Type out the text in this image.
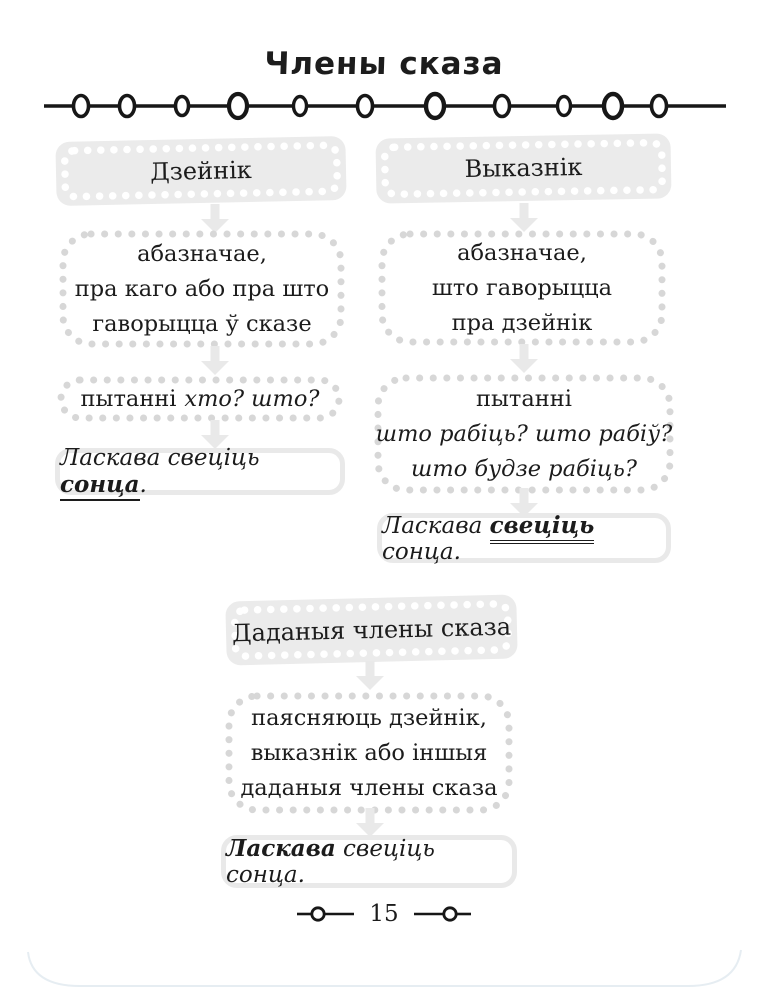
Члены сказа
Дзейнік
абазначае,
пра каго або пра што
гаворыцца ў сказе
пытанні хто? што?
Ласкава свеціць сонца.
Выказнік
абазначае,
што гаворыцца
пра дзейнік
пытанні
што рабіць? што рабіў?
што будзе рабіць?
Ласкава свеціць сонца.
Даданыя члены сказа
паясняюць дзейнік,
выказнік або іншыя
даданыя члены сказа
Ласкава свеціць сонца.
15
